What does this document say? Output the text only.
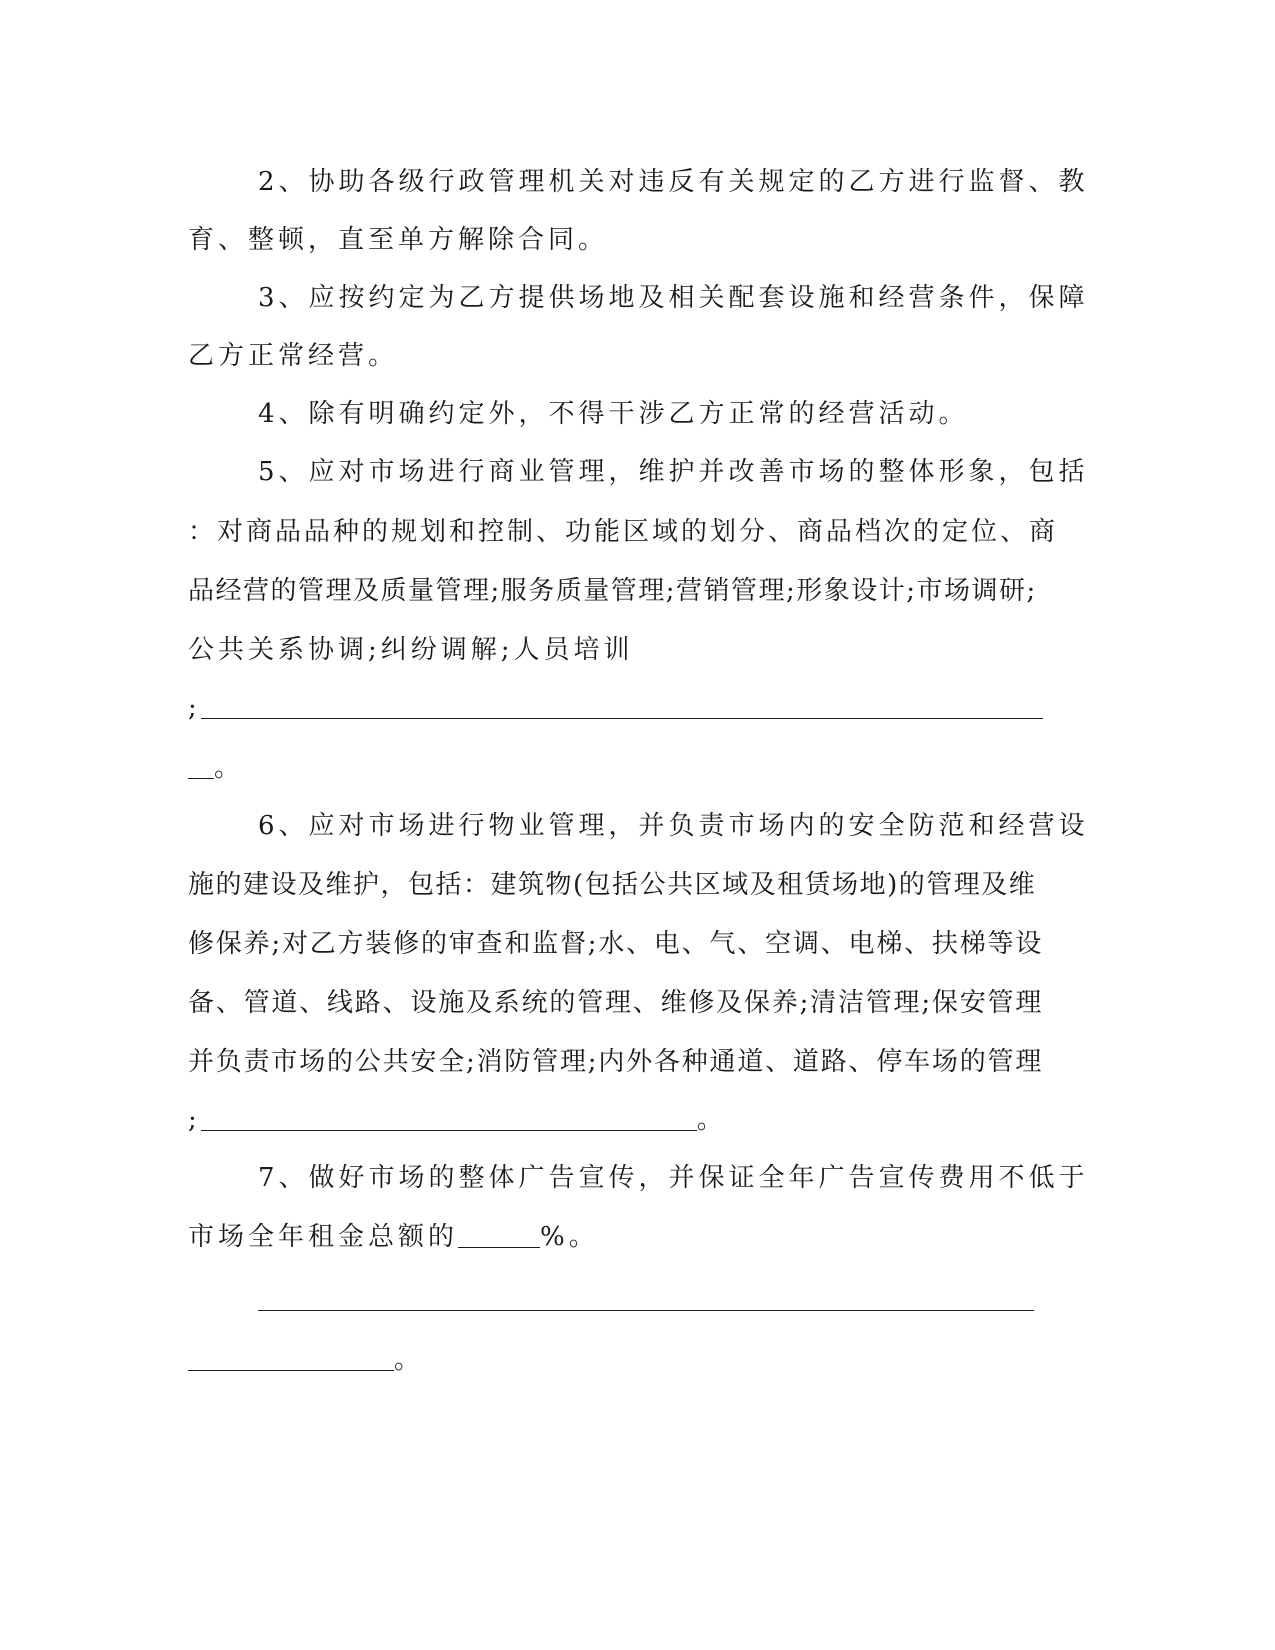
2、协助各级行政管理机关对违反有关规定的乙方进行监督、教
育、整顿，直至单方解除合同。
3、应按约定为乙方提供场地及相关配套设施和经营条件，保障
乙方正常经营。
4、除有明确约定外，不得干涉乙方正常的经营活动。
5、应对市场进行商业管理，维护并改善市场的整体形象，包括
：对商品品种的规划和控制、功能区域的划分、商品档次的定位、商
品经营的管理及质量管理;服务质量管理;营销管理;形象设计;市场调研;
公共关系协调;纠纷调解;人员培训
;
。
6、应对市场进行物业管理，并负责市场内的安全防范和经营设
施的建设及维护，包括：建筑物(包括公共区域及租赁场地)的管理及维
修保养;对乙方装修的审查和监督;水、电、气、空调、电梯、扶梯等设
备、管道、线路、设施及系统的管理、维修及保养;清洁管理;保安管理
并负责市场的公共安全;消防管理;内外各种通道、道路、停车场的管理
;	。
7、做好市场的整体广告宣传，并保证全年广告宣传费用不低于
市场全年租金总额的	%。
。
